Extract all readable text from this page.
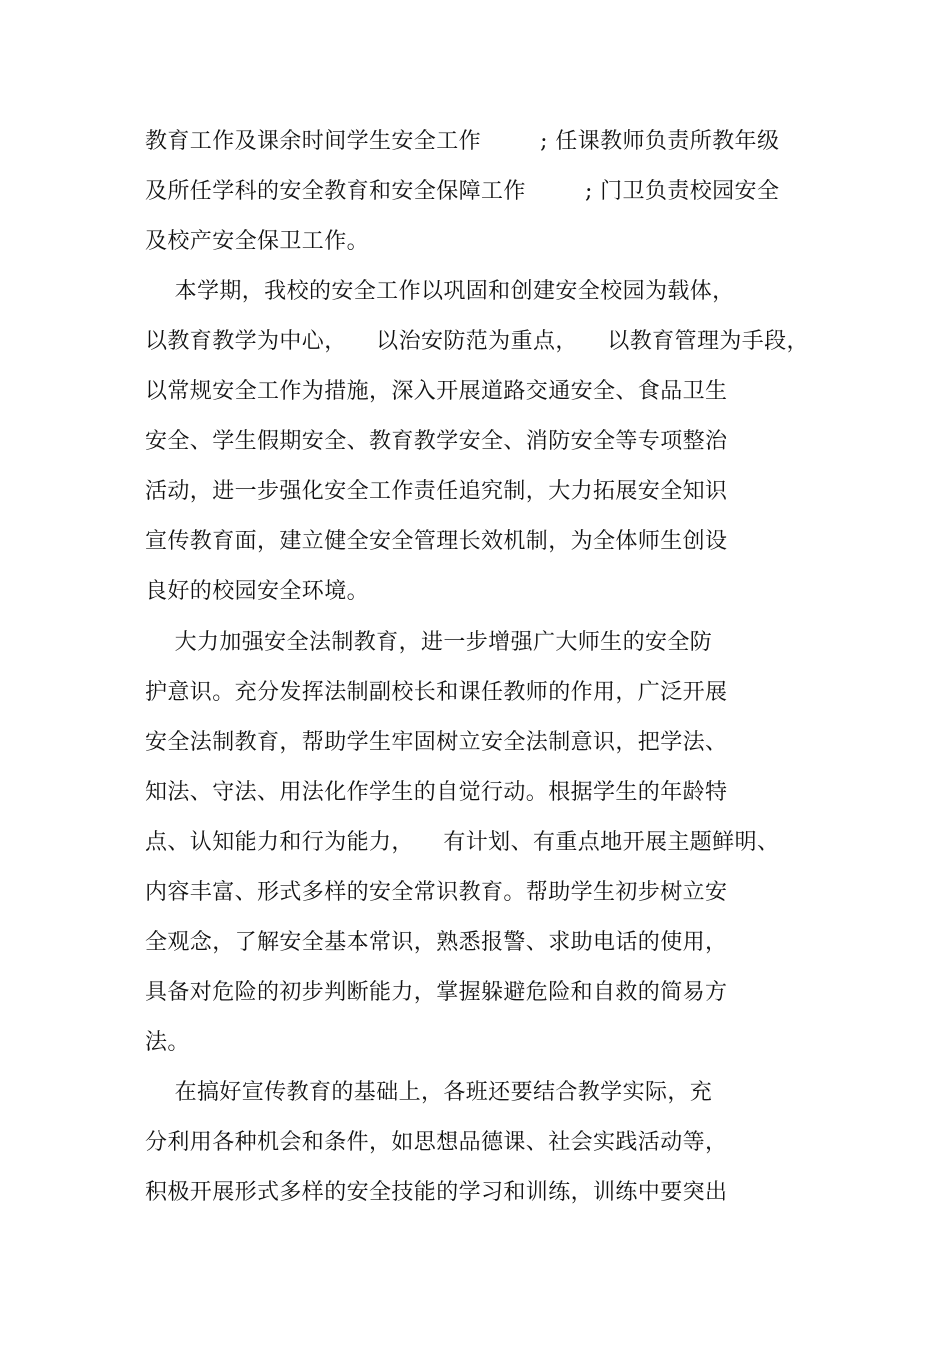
教育工作及课余时间学生安全工作        ; 任课教师负责所教年级
及所任学科的安全教育和安全保障工作        ; 门卫负责校园安全
及校产安全保卫工作。
本学期，我校的安全工作以巩固和创建安全校园为载体，
以教育教学为中心，    以治安防范为重点，    以教育管理为手段，
以常规安全工作为措施，深入开展道路交通安全、食品卫生
安全、学生假期安全、教育教学安全、消防安全等专项整治
活动，进一步强化安全工作责任追究制，大力拓展安全知识
宣传教育面，建立健全安全管理长效机制，为全体师生创设
良好的校园安全环境。
大力加强安全法制教育，进一步增强广大师生的安全防
护意识。充分发挥法制副校长和课任教师的作用，广泛开展
安全法制教育，帮助学生牢固树立安全法制意识，把学法、
知法、守法、用法化作学生的自觉行动。根据学生的年龄特
点、认知能力和行为能力，    有计划、有重点地开展主题鲜明、
内容丰富、形式多样的安全常识教育。帮助学生初步树立安
全观念，了解安全基本常识，熟悉报警、求助电话的使用，
具备对危险的初步判断能力，掌握躲避危险和自救的简易方
法。
在搞好宣传教育的基础上，各班还要结合教学实际，充
分利用各种机会和条件，如思想品德课、社会实践活动等，
积极开展形式多样的安全技能的学习和训练，训练中要突出
